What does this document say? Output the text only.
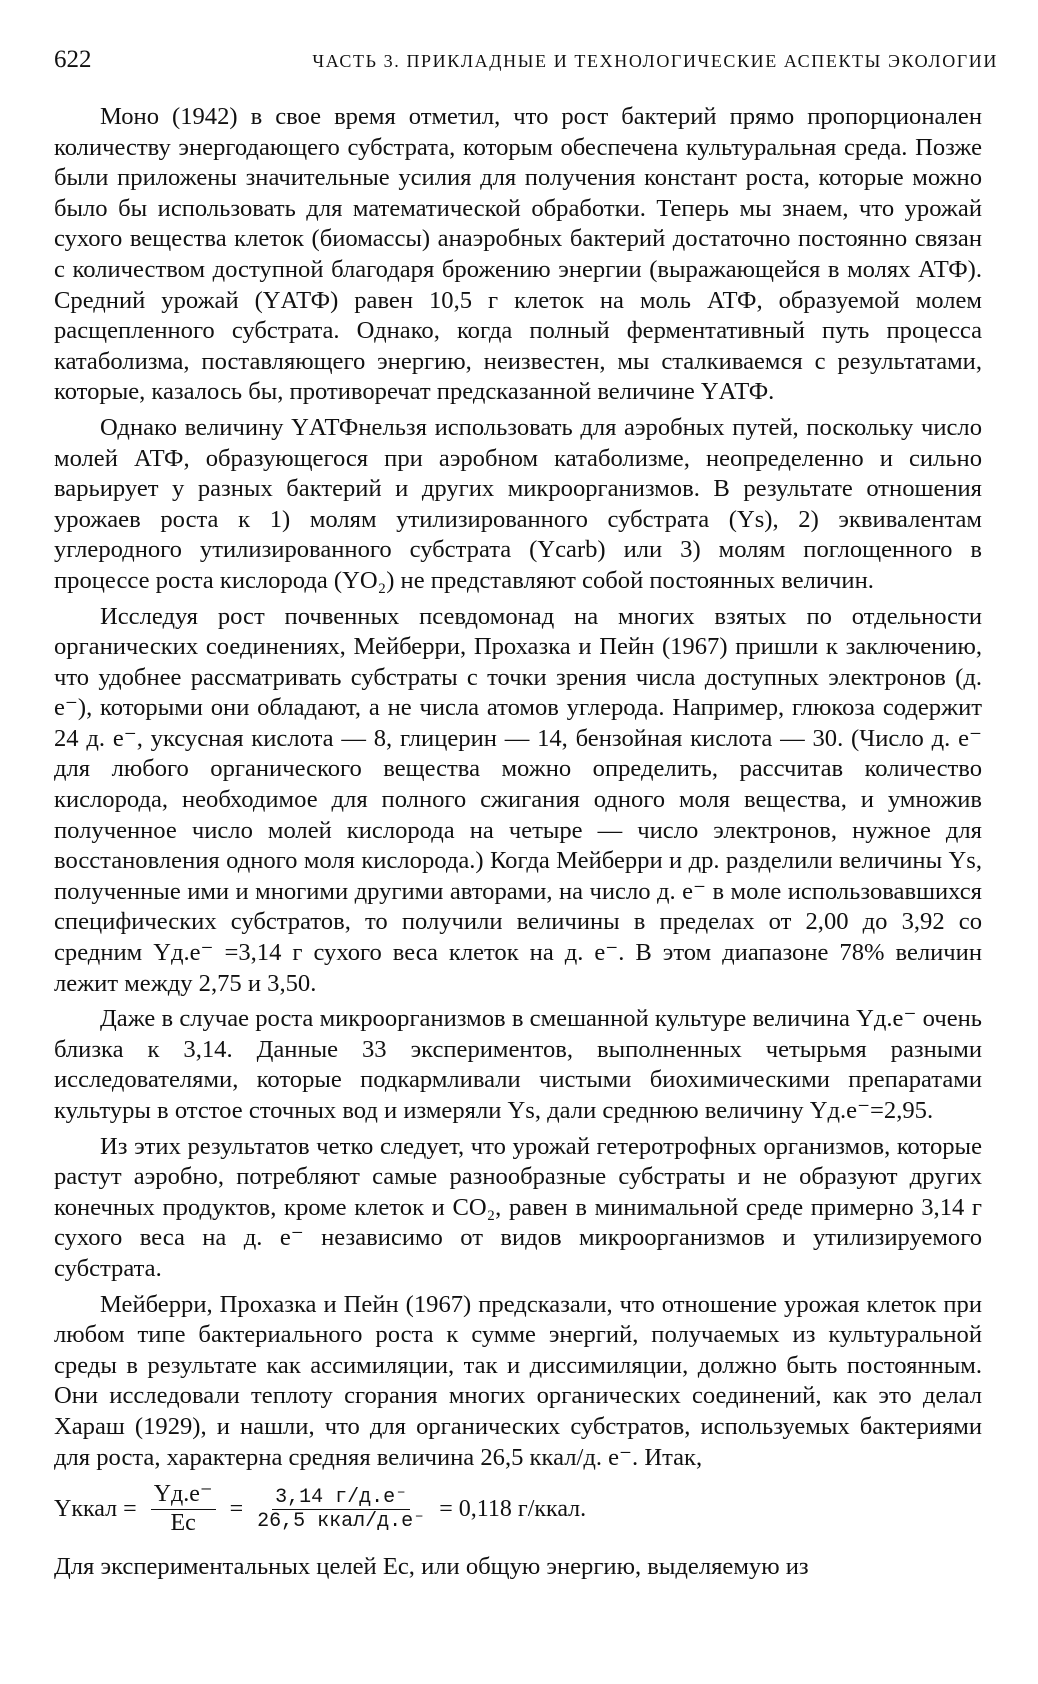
622	ЧАСТЬ 3. ПРИКЛАДНЫЕ И ТЕХНОЛОГИЧЕСКИЕ АСПЕКТЫ ЭКОЛОГИИ

Моно (1942) в свое время отметил, что рост бактерий прямо пропорционален количеству энергодающего субстрата, которым обеспечена культуральная среда. Позже были приложены значительные усилия для получения констант роста, которые можно было бы использовать для математической обработки. Теперь мы знаем, что урожай сухого вещества клеток (биомассы) анаэробных бактерий достаточно постоянно связан с количеством доступной благодаря брожению энергии (выражающейся в молях АТФ). Средний урожай (YАТФ) равен 10,5 г клеток на моль АТФ, образуемой молем расщепленного субстрата. Однако, когда полный ферментативный путь процесса катаболизма, поставляющего энергию, неизвестен, мы сталкиваемся с результатами, которые, казалось бы, противоречат предсказанной величине YАТФ.

Однако величину YАТФнельзя использовать для аэробных путей, поскольку число молей АТФ, образующегося при аэробном катаболизме, неопределенно и сильно варьирует у разных бактерий и других микроорганизмов. В результате отношения урожаев роста к 1) молям утилизированного субстрата (Ys), 2) эквивалентам углеродного утилизированного субстрата (Ycarb) или 3) молям поглощенного в процессе роста кислорода (YO₂) не представляют собой постоянных величин.

Исследуя рост почвенных псевдомонад на многих взятых по отдельности органических соединениях, Мейберри, Прохазка и Пейн (1967) пришли к заключению, что удобнее рассматривать субстраты с точки зрения числа доступных электронов (д. e⁻), которыми они обладают, а не числа атомов углерода. Например, глюкоза содержит 24 д. e⁻, уксусная кислота — 8, глицерин — 14, бензойная кислота — 30. (Число д. e⁻ для любого органического вещества можно определить, рассчитав количество кислорода, необходимое для полного сжигания одного моля вещества, и умножив полученное число молей кислорода на четыре — число электронов, нужное для восстановления одного моля кислорода.) Когда Мейберри и др. разделили величины Ys, полученные ими и многими другими авторами, на число д. e⁻ в моле использовавшихся специфических субстратов, то получили величины в пределах от 2,00 до 3,92 со средним Yд.e⁻ =3,14 г сухого веса клеток на д. e⁻. В этом диапазоне 78% величин лежит между 2,75 и 3,50.

Даже в случае роста микроорганизмов в смешанной культуре величина Yд.e⁻ очень близка к 3,14. Данные 33 экспериментов, выполненных четырьмя разными исследователями, которые подкармливали чистыми биохимическими препаратами культуры в отстое сточных вод и измеряли Ys, дали среднюю величину Yд.e⁻=2,95.

Из этих результатов четко следует, что урожай гетеротрофных организмов, которые растут аэробно, потребляют самые разнообразные субстраты и не образуют других конечных продуктов, кроме клеток и CO₂, равен в минимальной среде примерно 3,14 г сухого веса на д. e⁻ независимо от видов микроорганизмов и утилизируемого субстрата.

Мейберри, Прохазка и Пейн (1967) предсказали, что отношение урожая клеток при любом типе бактериального роста к сумме энергий, получаемых из культуральной среды в результате как ассимиляции, так и диссимиляции, должно быть постоянным. Они исследовали теплоту сгорания многих органических соединений, как это делал Хараш (1929), и нашли, что для органических субстратов, используемых бактериями для роста, характерна средняя величина 26,5 ккал/д. e⁻. Итак,

Yккал = $\frac{Yд.e^-}{Ec} = \frac{3,14 г/д.e^-}{\text{26,5 ккал/д.e⁻}} = 0,118$ г/ккал.

Для экспериментальных целей Ec, или общую энергию, выделяемую из
